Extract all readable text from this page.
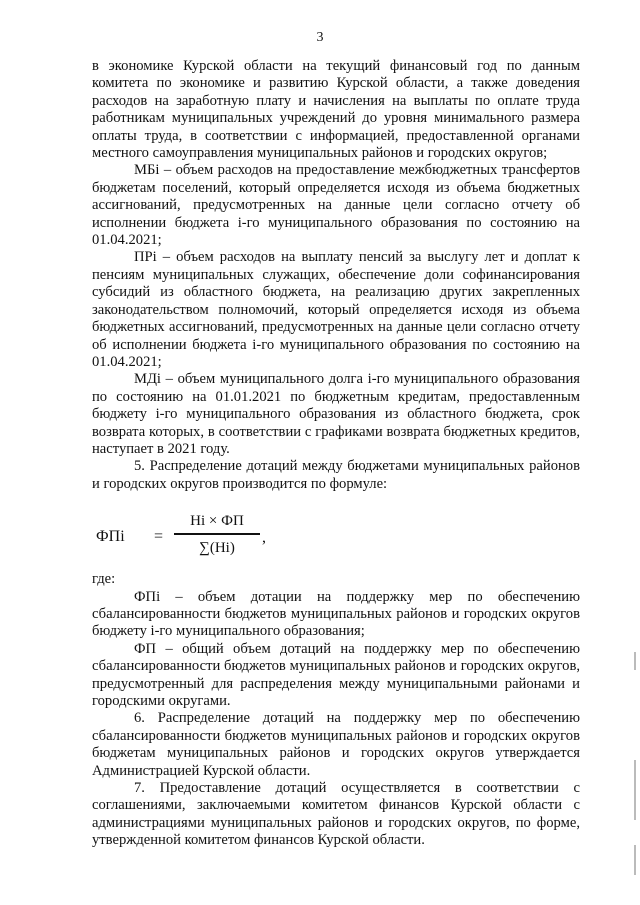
3

в экономике Курской области на текущий финансовый год по данным комитета по экономике и развитию Курской области, а также доведения расходов на заработную плату и начисления на выплаты по оплате труда работникам муниципальных учреждений до уровня минимального размера оплаты труда, в соответствии с информацией, предоставленной органами местного самоуправления муниципальных районов и городских округов;

МБi – объем расходов на предоставление межбюджетных трансфертов бюджетам поселений, который определяется исходя из объема бюджетных ассигнований, предусмотренных на данные цели согласно отчету об исполнении бюджета i-го муниципального образования по состоянию на 01.04.2021;

ПРi – объем расходов на выплату пенсий за выслугу лет и доплат к пенсиям муниципальных служащих, обеспечение доли софинансирования субсидий из областного бюджета, на реализацию других закрепленных законодательством полномочий, который определяется исходя из объема бюджетных ассигнований, предусмотренных на данные цели согласно отчету об исполнении бюджета i-го муниципального образования по состоянию на 01.04.2021;

МДi – объем муниципального долга i-го муниципального образования по состоянию на 01.01.2021 по бюджетным кредитам, предоставленным бюджету i-го муниципального образования из областного бюджета, срок возврата которых, в соответствии с графиками возврата бюджетных кредитов, наступает в 2021 году.

5. Распределение дотаций между бюджетами муниципальных районов и городских округов производится по формуле:

ФПi =
Нi × ФП
∑(Нi)
,

где:

ФПi – объем дотации на поддержку мер по обеспечению сбалансированности бюджетов муниципальных районов и городских округов бюджету i-го муниципального образования;

ФП – общий объем дотаций на поддержку мер по обеспечению сбалансированности бюджетов муниципальных районов и городских округов, предусмотренный для распределения между муниципальными районами и городскими округами.

6. Распределение дотаций на поддержку мер по обеспечению сбалансированности бюджетов муниципальных районов и городских округов бюджетам муниципальных районов и городских округов утверждается Администрацией Курской области.

7. Предоставление дотаций осуществляется в соответствии с соглашениями, заключаемыми комитетом финансов Курской области с администрациями муниципальных районов и городских округов, по форме, утвержденной комитетом финансов Курской области.
